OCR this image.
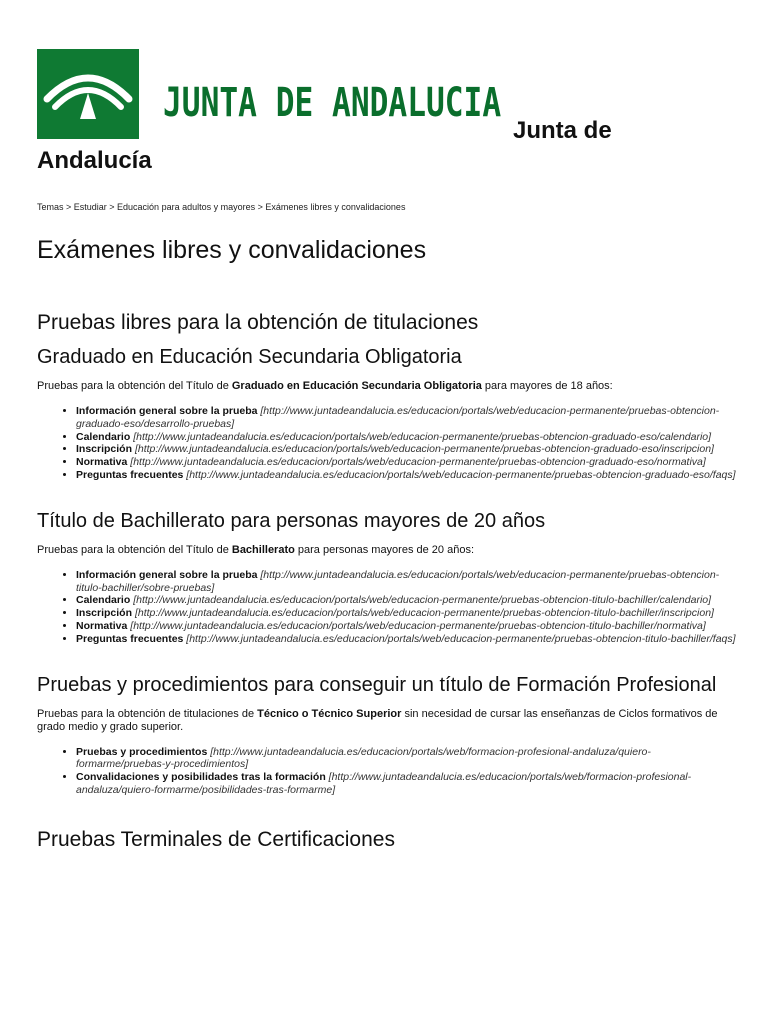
JUNTA DE ANDALUCIA
Junta de
Andalucía
Temas > Estudiar > Educación para adultos y mayores > Exámenes libres y convalidaciones
Exámenes libres y convalidaciones
Pruebas libres para la obtención de titulaciones
Graduado en Educación Secundaria Obligatoria

Pruebas para la obtención del Título de Graduado en Educación Secundaria Obligatoria para mayores de 18 años:

• Información general sobre la prueba [http://www.juntadeandalucia.es/educacion/portals/web/educacion-permanente/pruebas-obtencion-graduado-eso/desarrollo-pruebas]
• Calendario [http://www.juntadeandalucia.es/educacion/portals/web/educacion-permanente/pruebas-obtencion-graduado-eso/calendario]
• Inscripción [http://www.juntadeandalucia.es/educacion/portals/web/educacion-permanente/pruebas-obtencion-graduado-eso/inscripcion]
• Normativa [http://www.juntadeandalucia.es/educacion/portals/web/educacion-permanente/pruebas-obtencion-graduado-eso/normativa]
• Preguntas frecuentes [http://www.juntadeandalucia.es/educacion/portals/web/educacion-permanente/pruebas-obtencion-graduado-eso/faqs]
Título de Bachillerato para personas mayores de 20 años

Pruebas para la obtención del Título de Bachillerato para personas mayores de 20 años:

• Información general sobre la prueba [http://www.juntadeandalucia.es/educacion/portals/web/educacion-permanente/pruebas-obtencion-titulo-bachiller/sobre-pruebas]
• Calendario [http://www.juntadeandalucia.es/educacion/portals/web/educacion-permanente/pruebas-obtencion-titulo-bachiller/calendario]
• Inscripción [http://www.juntadeandalucia.es/educacion/portals/web/educacion-permanente/pruebas-obtencion-titulo-bachiller/inscripcion]
• Normativa [http://www.juntadeandalucia.es/educacion/portals/web/educacion-permanente/pruebas-obtencion-titulo-bachiller/normativa]
• Preguntas frecuentes [http://www.juntadeandalucia.es/educacion/portals/web/educacion-permanente/pruebas-obtencion-titulo-bachiller/faqs]
Pruebas y procedimientos para conseguir un título de Formación Profesional

Pruebas para la obtención de titulaciones de Técnico o Técnico Superior sin necesidad de cursar las enseñanzas de Ciclos formativos de grado medio y grado superior.

• Pruebas y procedimientos [http://www.juntadeandalucia.es/educacion/portals/web/formacion-profesional-andaluza/quiero-formarme/pruebas-y-procedimientos]
• Convalidaciones y posibilidades tras la formación [http://www.juntadeandalucia.es/educacion/portals/web/formacion-profesional-andaluza/quiero-formarme/posibilidades-tras-formarme]
Pruebas Terminales de Certificaciones
